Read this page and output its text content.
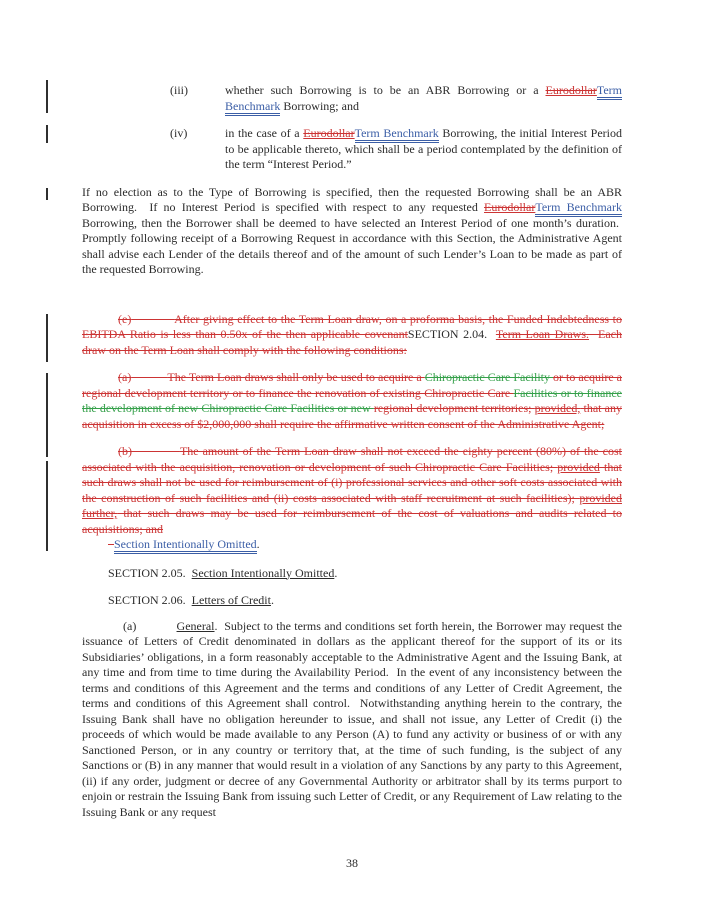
(iii)	whether such Borrowing is to be an ABR Borrowing or a EurodollarTerm Benchmark Borrowing; and
(iv)	in the case of a EurodollarTerm Benchmark Borrowing, the initial Interest Period to be applicable thereto, which shall be a period contemplated by the definition of the term “Interest Period.”

If no election as to the Type of Borrowing is specified, then the requested Borrowing shall be an ABR Borrowing.  If no Interest Period is specified with respect to any requested EurodollarTerm Benchmark Borrowing, then the Borrower shall be deemed to have selected an Interest Period of one month’s duration.  Promptly following receipt of a Borrowing Request in accordance with this Section, the Administrative Agent shall advise each Lender of the details thereof and of the amount of such Lender’s Loan to be made as part of the requested Borrowing.

(e)	After giving effect to the Term Loan draw, on a proforma basis, the Funded Indebtedness to EBITDA Ratio is less than 0.50x of the then applicable covenantSECTION 2.04.  Term Loan Draws.  Each draw on the Term Loan shall comply with the following conditions:

(a)	The Term Loan draws shall only be used to acquire a Chiropractic Care Facility or to acquire a regional development territory or to finance the renovation of existing Chiropractic Care Facilities or to finance the development of new Chiropractic Care Facilities or new regional development territories; provided, that any acquisition in excess of $2,000,000 shall require the affirmative written consent of the Administrative Agent;

(b)	The amount of the Term Loan draw shall not exceed the eighty percent (80%) of the cost associated with the acquisition, renovation or development of such Chiropractic Care Facilities; provided that such draws shall not be used for reimbursement of (i) professional services and other soft costs associated with the construction of such facilities and (ii) costs associated with staff recruitment at such facilities); provided further, that such draws may be used for reimbursement of the cost of valuations and audits related to acquisitions; and

Section Intentionally Omitted.

SECTION 2.05.  Section Intentionally Omitted.

SECTION 2.06.  Letters of Credit.

(a)	General.  Subject to the terms and conditions set forth herein, the Borrower may request the issuance of Letters of Credit denominated in dollars as the applicant thereof for the support of its or its Subsidiaries’ obligations, in a form reasonably acceptable to the Administrative Agent and the Issuing Bank, at any time and from time to time during the Availability Period.  In the event of any inconsistency between the terms and conditions of this Agreement and the terms and conditions of any Letter of Credit Agreement, the terms and conditions of this Agreement shall control.  Notwithstanding anything herein to the contrary, the Issuing Bank shall have no obligation hereunder to issue, and shall not issue, any Letter of Credit (i) the proceeds of which would be made available to any Person (A) to fund any activity or business of or with any Sanctioned Person, or in any country or territory that, at the time of such funding, is the subject of any Sanctions or (B) in any manner that would result in a violation of any Sanctions by any party to this Agreement, (ii) if any order, judgment or decree of any Governmental Authority or arbitrator shall by its terms purport to enjoin or restrain the Issuing Bank from issuing such Letter of Credit, or any Requirement of Law relating to the Issuing Bank or any request

38
